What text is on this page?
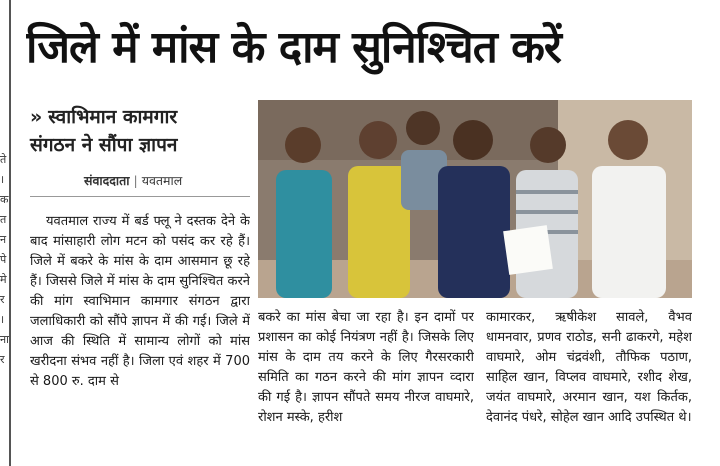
ते
।
क
त
न
पे
मे
र
।
ना
र
जिले में मांस के दाम सुनिश्चित करें
» स्वाभिमान कामगार
संगठन ने सौंपा ज्ञापन
संवाददाता | यवतमाल

यवतमाल राज्य में बर्ड फ्लू ने दस्तक देने के बाद मांसाहारी लोग मटन को पसंद कर रहे हैं। जिले में बकरे के मांस के दाम आसमान छू रहे हैं। जिससे जिले में मांस के दाम सुनिश्चित करने की मांग स्वाभिमान कामगार संगठन द्वारा जलाधिकारी को सौंपे ज्ञापन में की गई। जिले में आज की स्थिति में सामान्य लोगों को मांस खरीदना संभव नहीं है। जिला एवं शहर में 700 से 800 रु. दाम से

बकरे का मांस बेचा जा रहा है। इन दामों पर प्रशासन का कोई नियंत्रण नहीं है। जिसके लिए मांस के दाम तय करने के लिए गैरसरकारी समिति का गठन करने की मांग ज्ञापन व्दारा की गई है। ज्ञापन सौंपते समय नीरज वाघमारे, रोशन मस्के, हरीश

कामारकर, ऋषीकेश सावले, वैभव धामनवार, प्रणव राठोड, सनी ढाकरगे, महेश वाघमारे, ओम चंद्रवंशी, तौफिक पठाण, साहिल खान, विप्लव वाघमारे, रशीद शेख, जयंत वाघमारे, अरमान खान, यश किर्तक, देवानंद पंधरे, सोहेल खान आदि उपस्थित थे।
